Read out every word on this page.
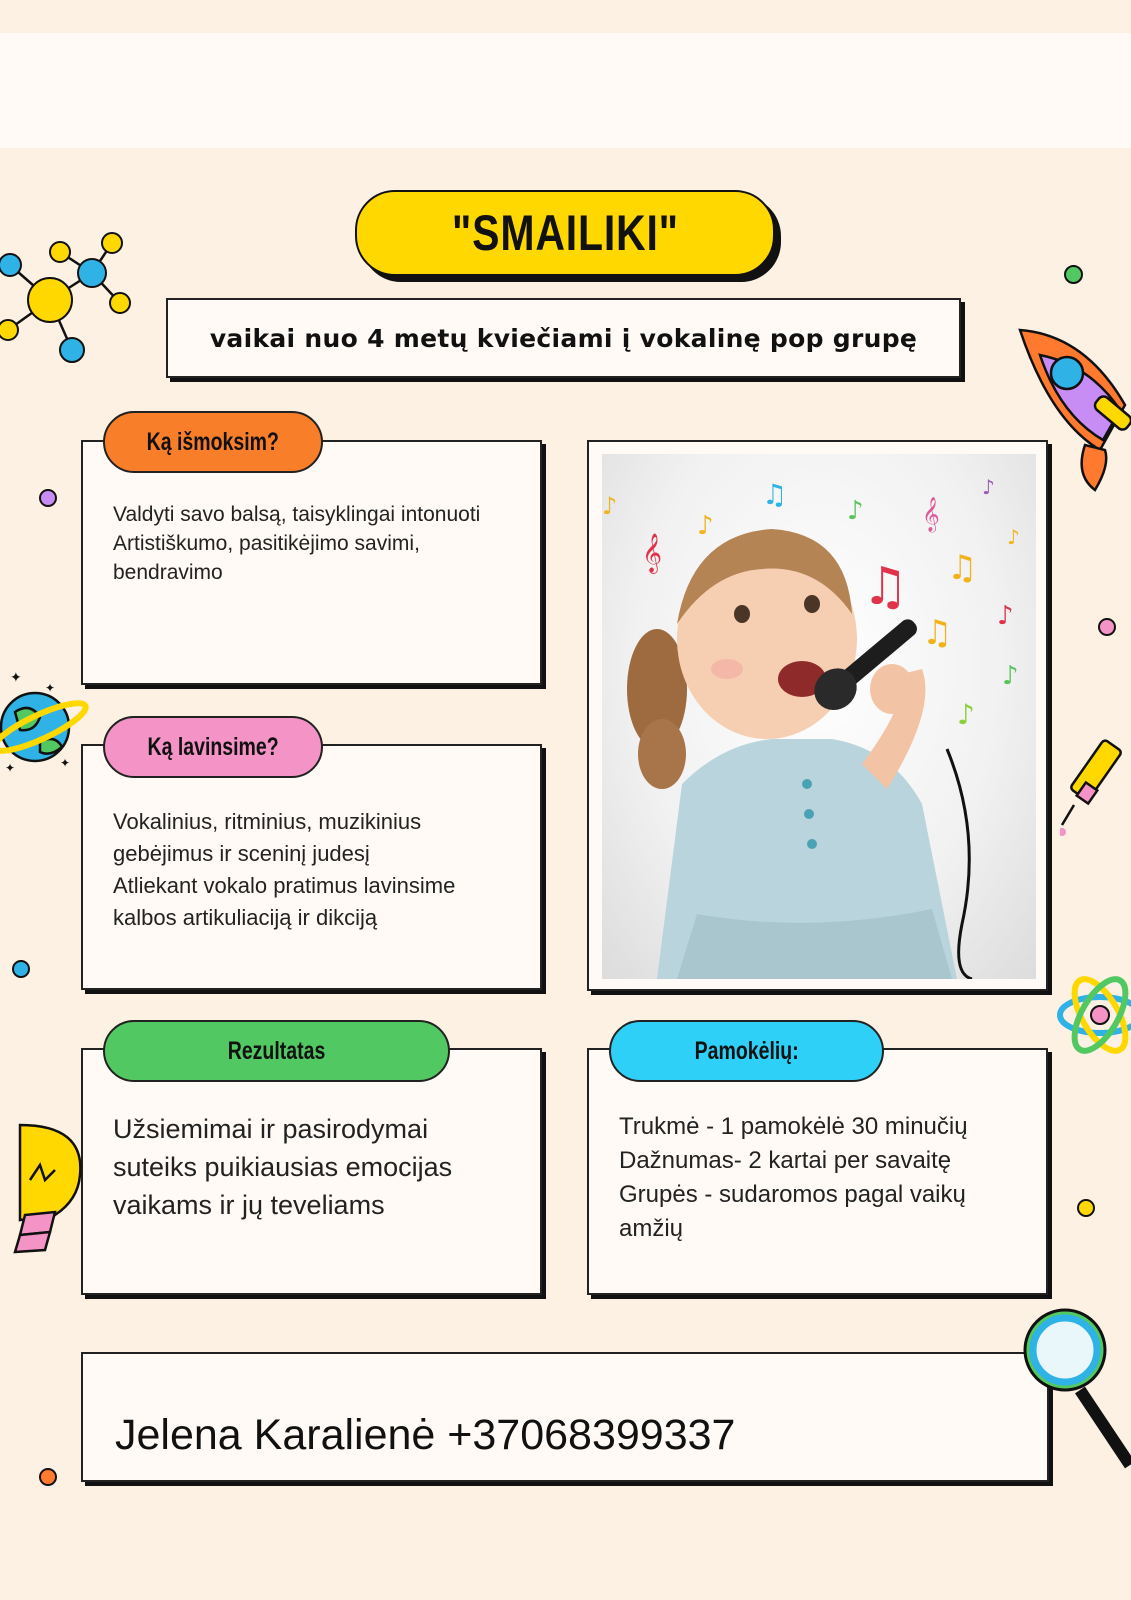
"SMAILIKI"
vaikai nuo 4 metų kviečiami į vokalinę pop grupę

Valdyti savo balsą, taisyklingai intonuoti

Artistiškumo, pasitikėjimo savimi,

bendravimo

Ką išmoksim?

Vokalinius, ritminius, muzikinius

gebėjimus ir sceninį judesį

Atliekant vokalo pratimus lavinsime

kalbos artikuliaciją ir dikciją

Ką lavinsime?
𝄞
♪
♫ ♪ 𝄞
♫ ♫
♫ ♪
♪
♪
♪
♪
♪

Užsiemimai ir pasirodymai

suteiks puikiausias emocijas

vaikams ir jų teveliams

Rezultatas

Trukmė - 1 pamokėlė 30 minučių

Dažnumas- 2 kartai per savaitę

Grupės - sudaromos pagal vaikų

amžių

Pamokėlių:
Jelena Karalienė +37068399337
✦
✦
✦	✦
